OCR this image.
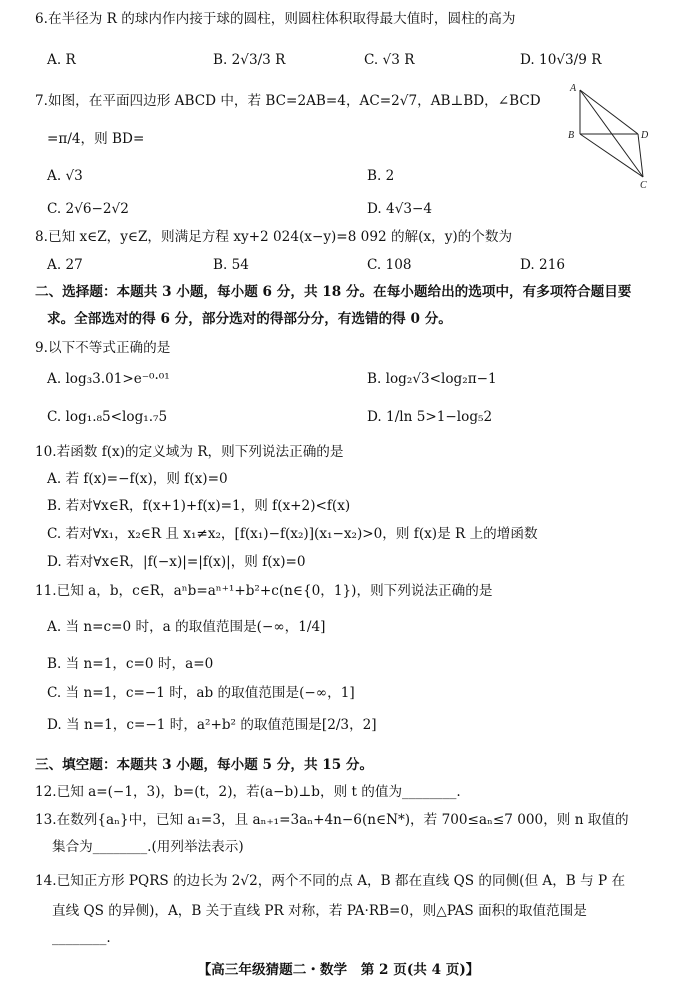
6.在半径为 R 的球内作内接于球的圆柱，则圆柱体积取得最大值时，圆柱的高为
A. R	B. 2√3/3 R	C. √3 R	D. 10√3/9 R
7.如图，在平面四边形 ABCD 中，若 BC=2AB=4，AC=2√7，AB⊥BD，∠BCD
=π/4，则 BD=
A
B	D
C
A. √3	B. 2
C. 2√6−2√2	D. 4√3−4
8.已知 x∈Z，y∈Z，则满足方程 xy+2 024(x−y)=8 092 的解(x，y)的个数为
A. 27	B. 54	C. 108	D. 216
二、选择题：本题共 3 小题，每小题 6 分，共 18 分。在每小题给出的选项中，有多项符合题目要
求。全部选对的得 6 分，部分选对的得部分分，有选错的得 0 分。
9.以下不等式正确的是
A. log₃3.01>e⁻⁰·⁰¹	B. log₂√3<log₂π−1
C. log₁.₈5<log₁.₇5	D. 1/ln 5>1−log₅2
10.若函数 f(x)的定义域为 R，则下列说法正确的是
A. 若 f(x)=−f(x)，则 f(x)=0
B. 若对∀x∈R，f(x+1)+f(x)=1，则 f(x+2)<f(x)
C. 若对∀x₁，x₂∈R 且 x₁≠x₂，[f(x₁)−f(x₂)](x₁−x₂)>0，则 f(x)是 R 上的增函数
D. 若对∀x∈R，|f(−x)|=|f(x)|，则 f(x)=0
11.已知 a，b，c∈R，aⁿb=aⁿ⁺¹+b²+c(n∈{0，1})，则下列说法正确的是
A. 当 n=c=0 时，a 的取值范围是(−∞，1/4]
B. 当 n=1，c=0 时，a=0
C. 当 n=1，c=−1 时，ab 的取值范围是(−∞，1]
D. 当 n=1，c=−1 时，a²+b² 的取值范围是[2/3，2]
三、填空题：本题共 3 小题，每小题 5 分，共 15 分。
12.已知 a=(−1，3)，b=(t，2)，若(a−b)⊥b，则 t 的值为________.
13.在数列{aₙ}中，已知 a₁=3，且 aₙ₊₁=3aₙ+4n−6(n∈N*)，若 700≤aₙ≤7 000，则 n 取值的
集合为________.(用列举法表示)
14.已知正方形 PQRS 的边长为 2√2，两个不同的点 A，B 都在直线 QS 的同侧(但 A，B 与 P 在
直线 QS 的异侧)，A，B 关于直线 PR 对称，若 PA·RB=0，则△PAS 面积的取值范围是
________.
【高三年级猜题二・数学　第 2 页(共 4 页)】
